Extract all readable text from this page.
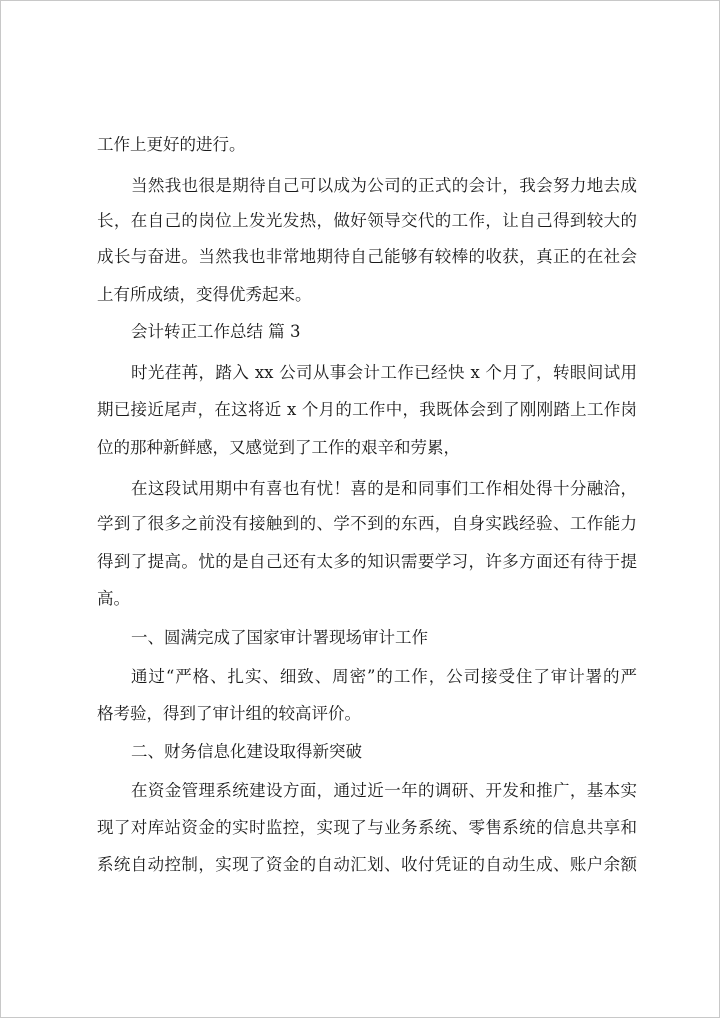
工作上更好的进行。
当然我也很是期待自己可以成为公司的正式的会计，我会努力地去成
长，在自己的岗位上发光发热，做好领导交代的工作，让自己得到较大的
成长与奋进。当然我也非常地期待自己能够有较棒的收获，真正的在社会
上有所成绩，变得优秀起来。
会计转正工作总结 篇 3
时光荏苒，踏入 xx 公司从事会计工作已经快 x 个月了，转眼间试用
期已接近尾声，在这将近 x 个月的工作中，我既体会到了刚刚踏上工作岗
位的那种新鲜感，又感觉到了工作的艰辛和劳累，
在这段试用期中有喜也有忧！喜的是和同事们工作相处得十分融洽，
学到了很多之前没有接触到的、学不到的东西，自身实践经验、工作能力
得到了提高。忧的是自己还有太多的知识需要学习，许多方面还有待于提
高。
一、圆满完成了国家审计署现场审计工作
通过“严格、扎实、细致、周密”的工作，公司接受住了审计署的严
格考验，得到了审计组的较高评价。
二、财务信息化建设取得新突破
在资金管理系统建设方面，通过近一年的调研、开发和推广，基本实
现了对库站资金的实时监控，实现了与业务系统、零售系统的信息共享和
系统自动控制，实现了资金的自动汇划、收付凭证的自动生成、账户余额
